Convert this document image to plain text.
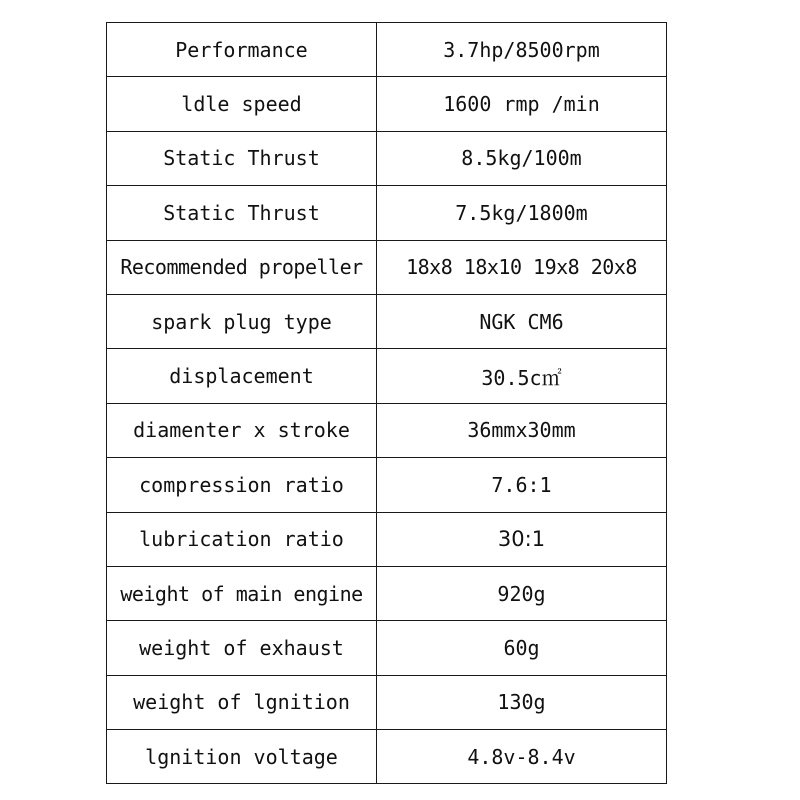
Performance	3.7hp/8500rpm
ldle speed	1600 rmp /min
Static Thrust	8.5kg/100m
Static Thrust	7.5kg/1800m
Recommended propeller	18x8 18x10 19x8 20x8
spark plug type	NGK CM6
displacement	30.5c㎡
diamenter x stroke	36mmx30mm
compression ratio	7.6:1
lubrication ratio	30:1
weight of main engine	920g
weight of exhaust	60g
weight of lgnition	130g
lgnition voltage	4.8v-8.4v
